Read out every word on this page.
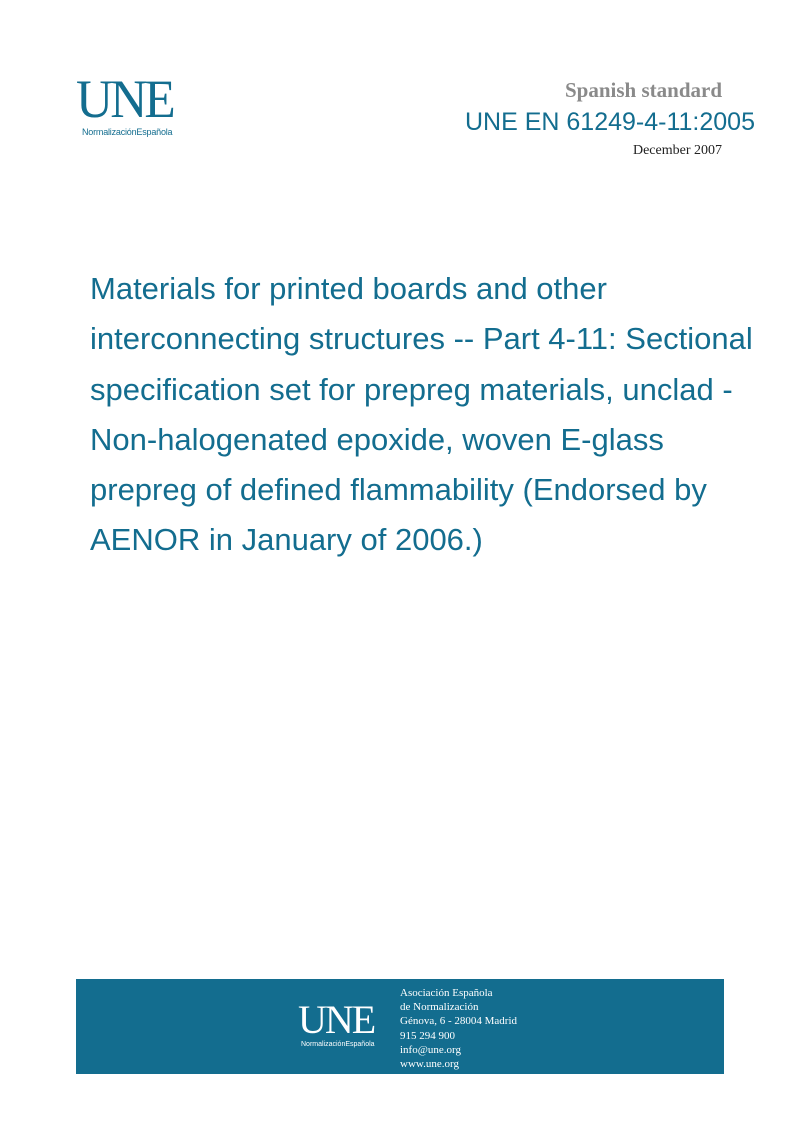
UNE
NormalizaciónEspañola

Spanish standard

UNE EN 61249-4-11:2005
December 2007
Materials for printed boards and other interconnecting structures -- Part 4-11: Sectional specification set for prepreg materials, unclad - Non-halogenated epoxide, woven E-glass prepreg of defined flammability (Endorsed by AENOR in January of 2006.)
UNE
NormalizaciónEspañola
Asociación Española
de Normalización
Génova, 6 - 28004 Madrid
915 294 900
info@une.org
www.une.org
